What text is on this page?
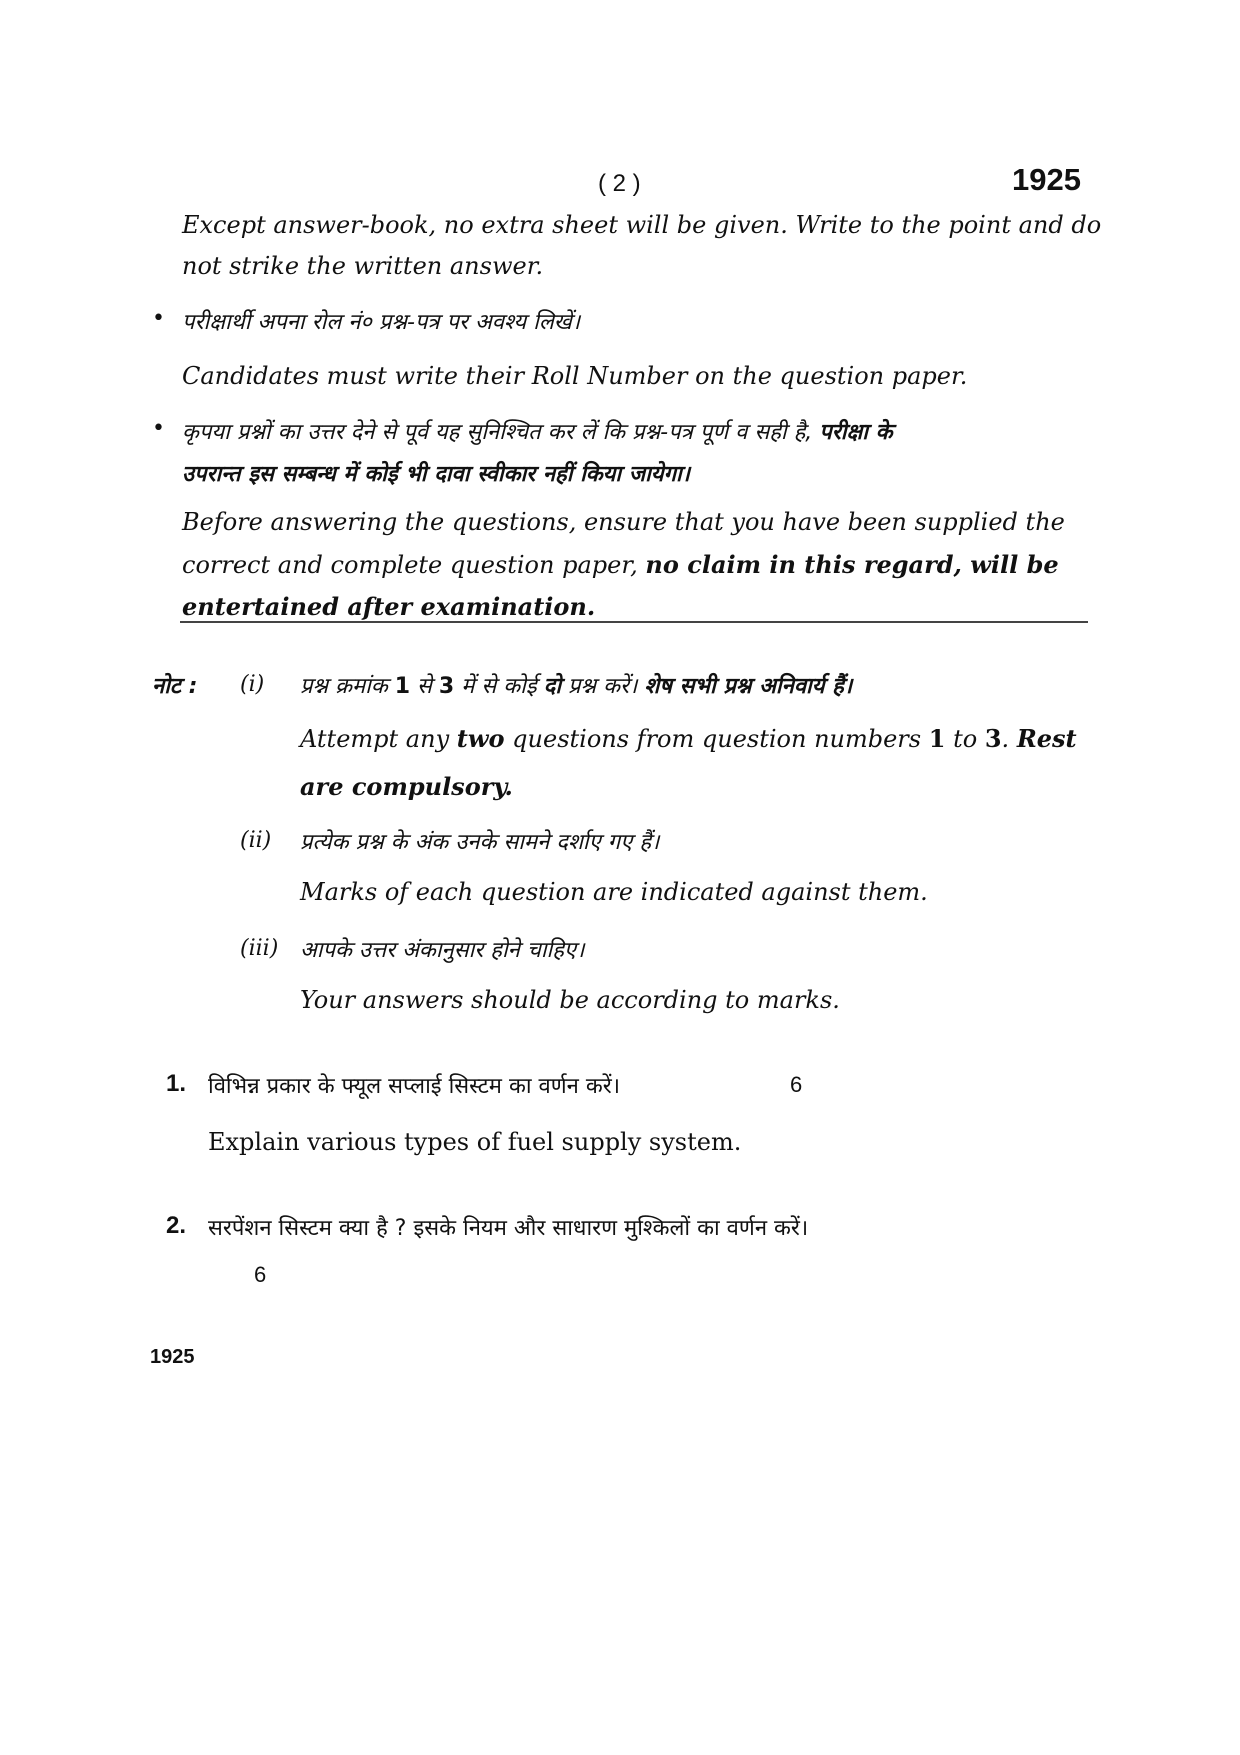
( 2 )	1925
Except answer-book, no extra sheet will be given. Write to the point and do
not strike the written answer.
• परीक्षार्थी अपना रोल नं० प्रश्न-पत्र पर अवश्य लिखें।
Candidates must write their Roll Number on the question paper.
• कृपया प्रश्नों का उत्तर देने से पूर्व यह सुनिश्चित कर लें कि प्रश्न-पत्र पूर्ण व सही है, परीक्षा के
उपरान्त इस सम्बन्ध में कोई भी दावा स्वीकार नहीं किया जायेगा।
Before answering the questions, ensure that you have been supplied the
correct and complete question paper, no claim in this regard, will be
entertained after examination.
नोट : (i) प्रश्न क्रमांक 1 से 3 में से कोई दो प्रश्न करें। शेष सभी प्रश्न अनिवार्य हैं।
Attempt any two questions from question numbers 1 to 3. Rest
are compulsory.
(ii) प्रत्येक प्रश्न के अंक उनके सामने दर्शाए गए हैं।
Marks of each question are indicated against them.
(iii) आपके उत्तर अंकानुसार होने चाहिए।
Your answers should be according to marks.
1. विभिन्न प्रकार के फ्यूल सप्लाई सिस्टम का वर्णन करें।	6
Explain various types of fuel supply system.
2. सरपेंशन सिस्टम क्या है ? इसके नियम और साधारण मुश्किलों का वर्णन करें।
6
1925
